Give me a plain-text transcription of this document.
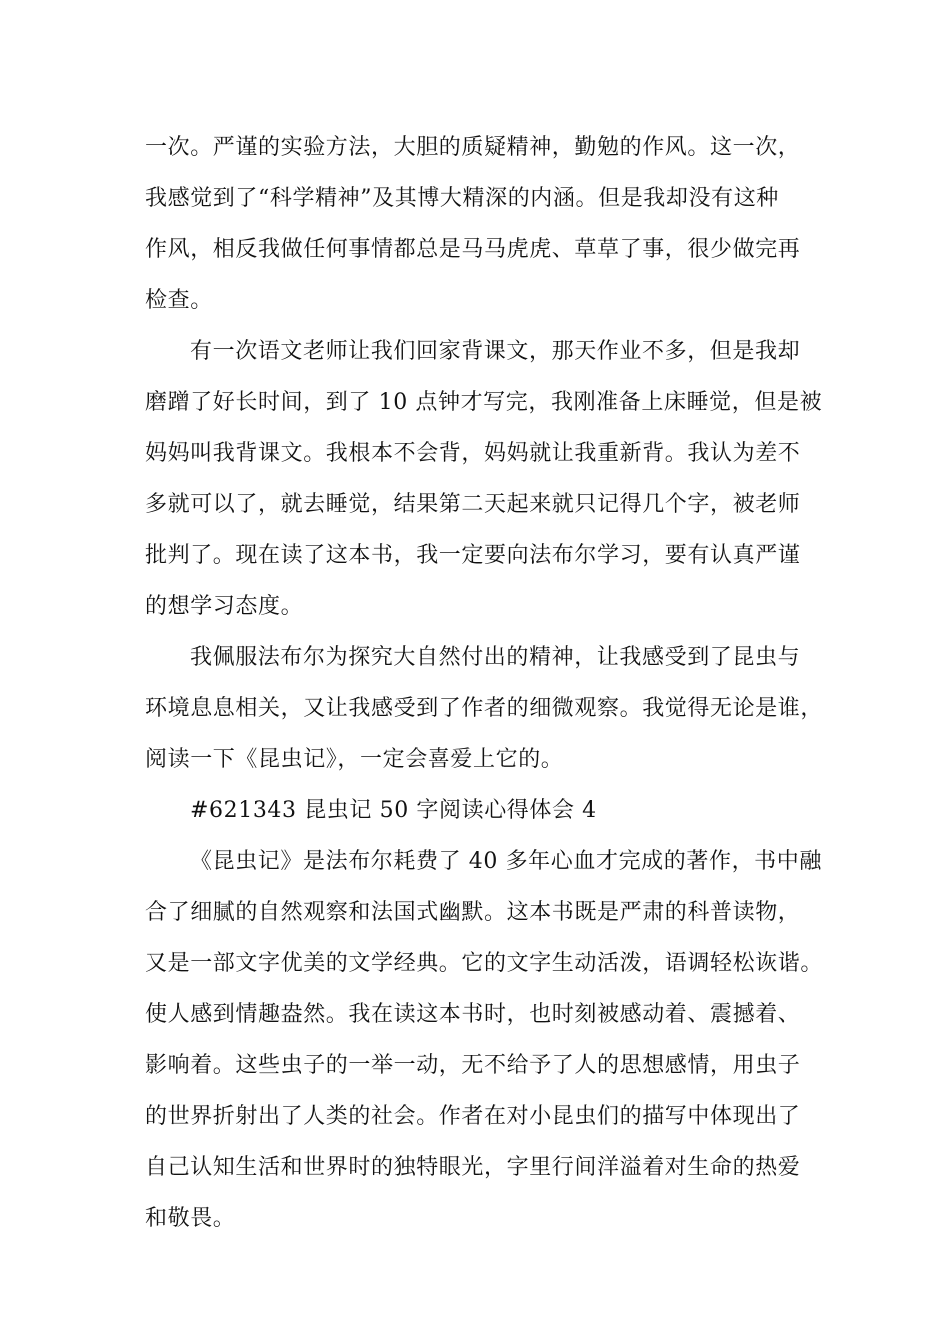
一次。严谨的实验方法，大胆的质疑精神，勤勉的作风。这一次，
我感觉到了“科学精神”及其博大精深的内涵。但是我却没有这种
作风，相反我做任何事情都总是马马虎虎、草草了事，很少做完再
检查。
有一次语文老师让我们回家背课文，那天作业不多，但是我却
磨蹭了好长时间，到了 10 点钟才写完，我刚准备上床睡觉，但是被
妈妈叫我背课文。我根本不会背，妈妈就让我重新背。我认为差不
多就可以了，就去睡觉，结果第二天起来就只记得几个字，被老师
批判了。现在读了这本书，我一定要向法布尔学习，要有认真严谨
的想学习态度。
我佩服法布尔为探究大自然付出的精神，让我感受到了昆虫与
环境息息相关，又让我感受到了作者的细微观察。我觉得无论是谁，
阅读一下《昆虫记》，一定会喜爱上它的。
#621343 昆虫记 50 字阅读心得体会 4
《昆虫记》是法布尔耗费了 40 多年心血才完成的著作，书中融
合了细腻的自然观察和法国式幽默。这本书既是严肃的科普读物，
又是一部文字优美的文学经典。它的文字生动活泼，语调轻松诙谐。
使人感到情趣盎然。我在读这本书时，也时刻被感动着、震撼着、
影响着。这些虫子的一举一动，无不给予了人的思想感情，用虫子
的世界折射出了人类的社会。作者在对小昆虫们的描写中体现出了
自己认知生活和世界时的独特眼光，字里行间洋溢着对生命的热爱
和敬畏。
